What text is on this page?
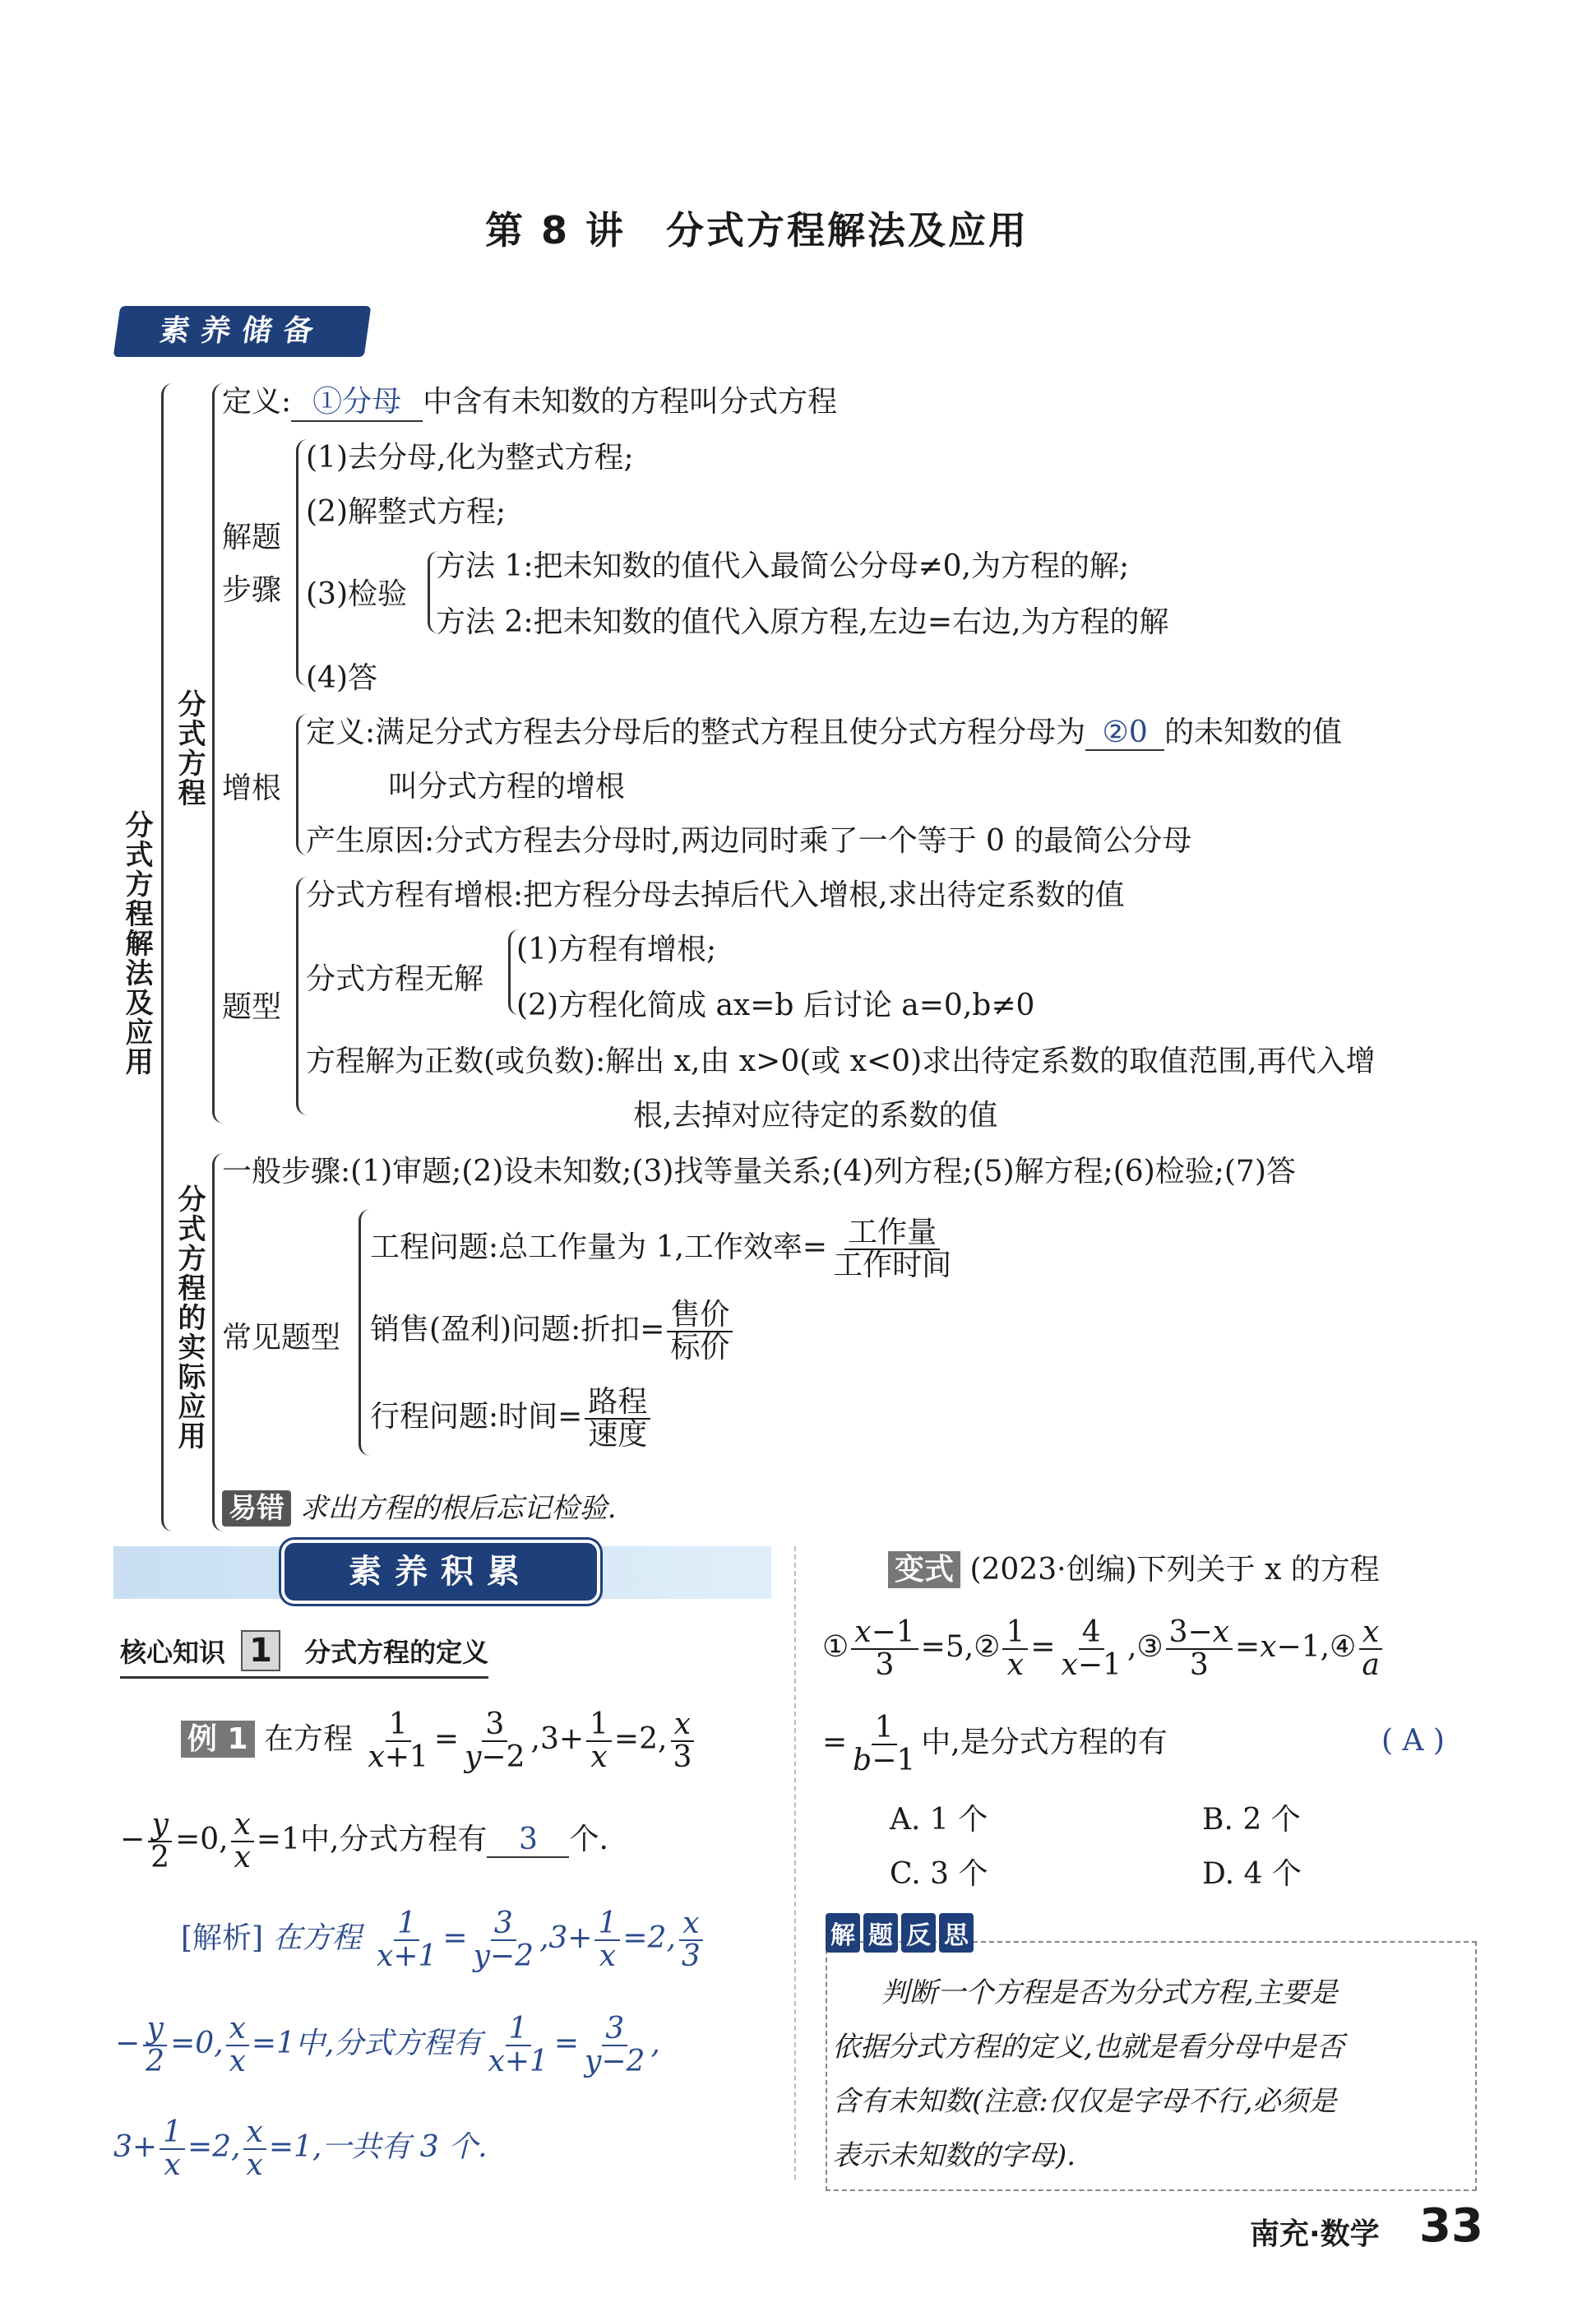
第 8 讲　分式方程解法及应用
素养储备
分式方程解法及应用
分式方程
定义: ①分母 中含有未知数的方程叫分式方程
解题
步骤
(1)去分母,化为整式方程;
(2)解整式方程;
(3)检验
方法 1:把未知数的值代入最简公分母≠0,为方程的解;
方法 2:把未知数的值代入原方程,左边=右边,为方程的解
(4)答
增根
定义:满足分式方程去分母后的整式方程且使分式方程分母为 ②0 的未知数的值
叫分式方程的增根
产生原因:分式方程去分母时,两边同时乘了一个等于 0 的最简公分母
题型
分式方程有增根:把方程分母去掉后代入增根,求出待定系数的值
分式方程无解
(1)方程有增根;
(2)方程化简成 ax=b 后讨论 a=0,b≠0
方程解为正数(或负数):解出 x,由 x>0(或 x<0)求出待定系数的取值范围,再代入增
根,去掉对应待定的系数的值
分式方程的实际应用
一般步骤:(1)审题;(2)设未知数;(3)找等量关系;(4)列方程;(5)解方程;(6)检验;(7)答
常见题型
工程问题:总工作量为 1,工作效率= $\frac{\text{工作量}}{\text{工作时间}}$
销售(盈利)问题:折扣= $\frac{\text{售价}}{\text{标价}}$
行程问题:时间= $\frac{\text{路程}}{\text{速度}}$
易错 求出方程的根后忘记检验.
素养积累
核心知识 1 分式方程的定义
例 1 在方程 $\frac{1}{x+1} = \frac{3}{y-2} ,3+ \frac{1}{x} =2$, $\frac{x}{3}$
− $\frac{y}{2} =0$, $\frac{x}{x} =1$中,分式方程有 3 个.
[解析] 在方程 $\frac{1}{x+1} = \frac{3}{y-2} ,3+ \frac{1}{x} =2$, $\frac{x}{3}$
− $\frac{y}{2} =0$, $\frac{x}{x} =1$中,分式方程有 $\frac{1}{x+1} = \frac{3}{y-2}$ ,
$3+ \frac{1}{x} =2$, $\frac{x}{x} =1$,一共有 3 个.
变式 (2023·创编)下列关于 x 的方程
① $\frac{x-1}{3}$ =5,② $\frac{1}{x} = \frac{4}{x-1}$ ,③ $\frac{3-x}{3}$ =x−1,④ $\frac{x}{a}$
= $\frac{1}{b-1}$ 中,是分式方程的有	( A )
A. 1 个	B. 2 个
C. 3 个	D. 4 个
解 题 反 思
判断一个方程是否为分式方程,主要是
依据分式方程的定义,也就是看分母中是否
含有未知数(注意:仅仅是字母不行,必须是
表示未知数的字母).
南充·数学 33
